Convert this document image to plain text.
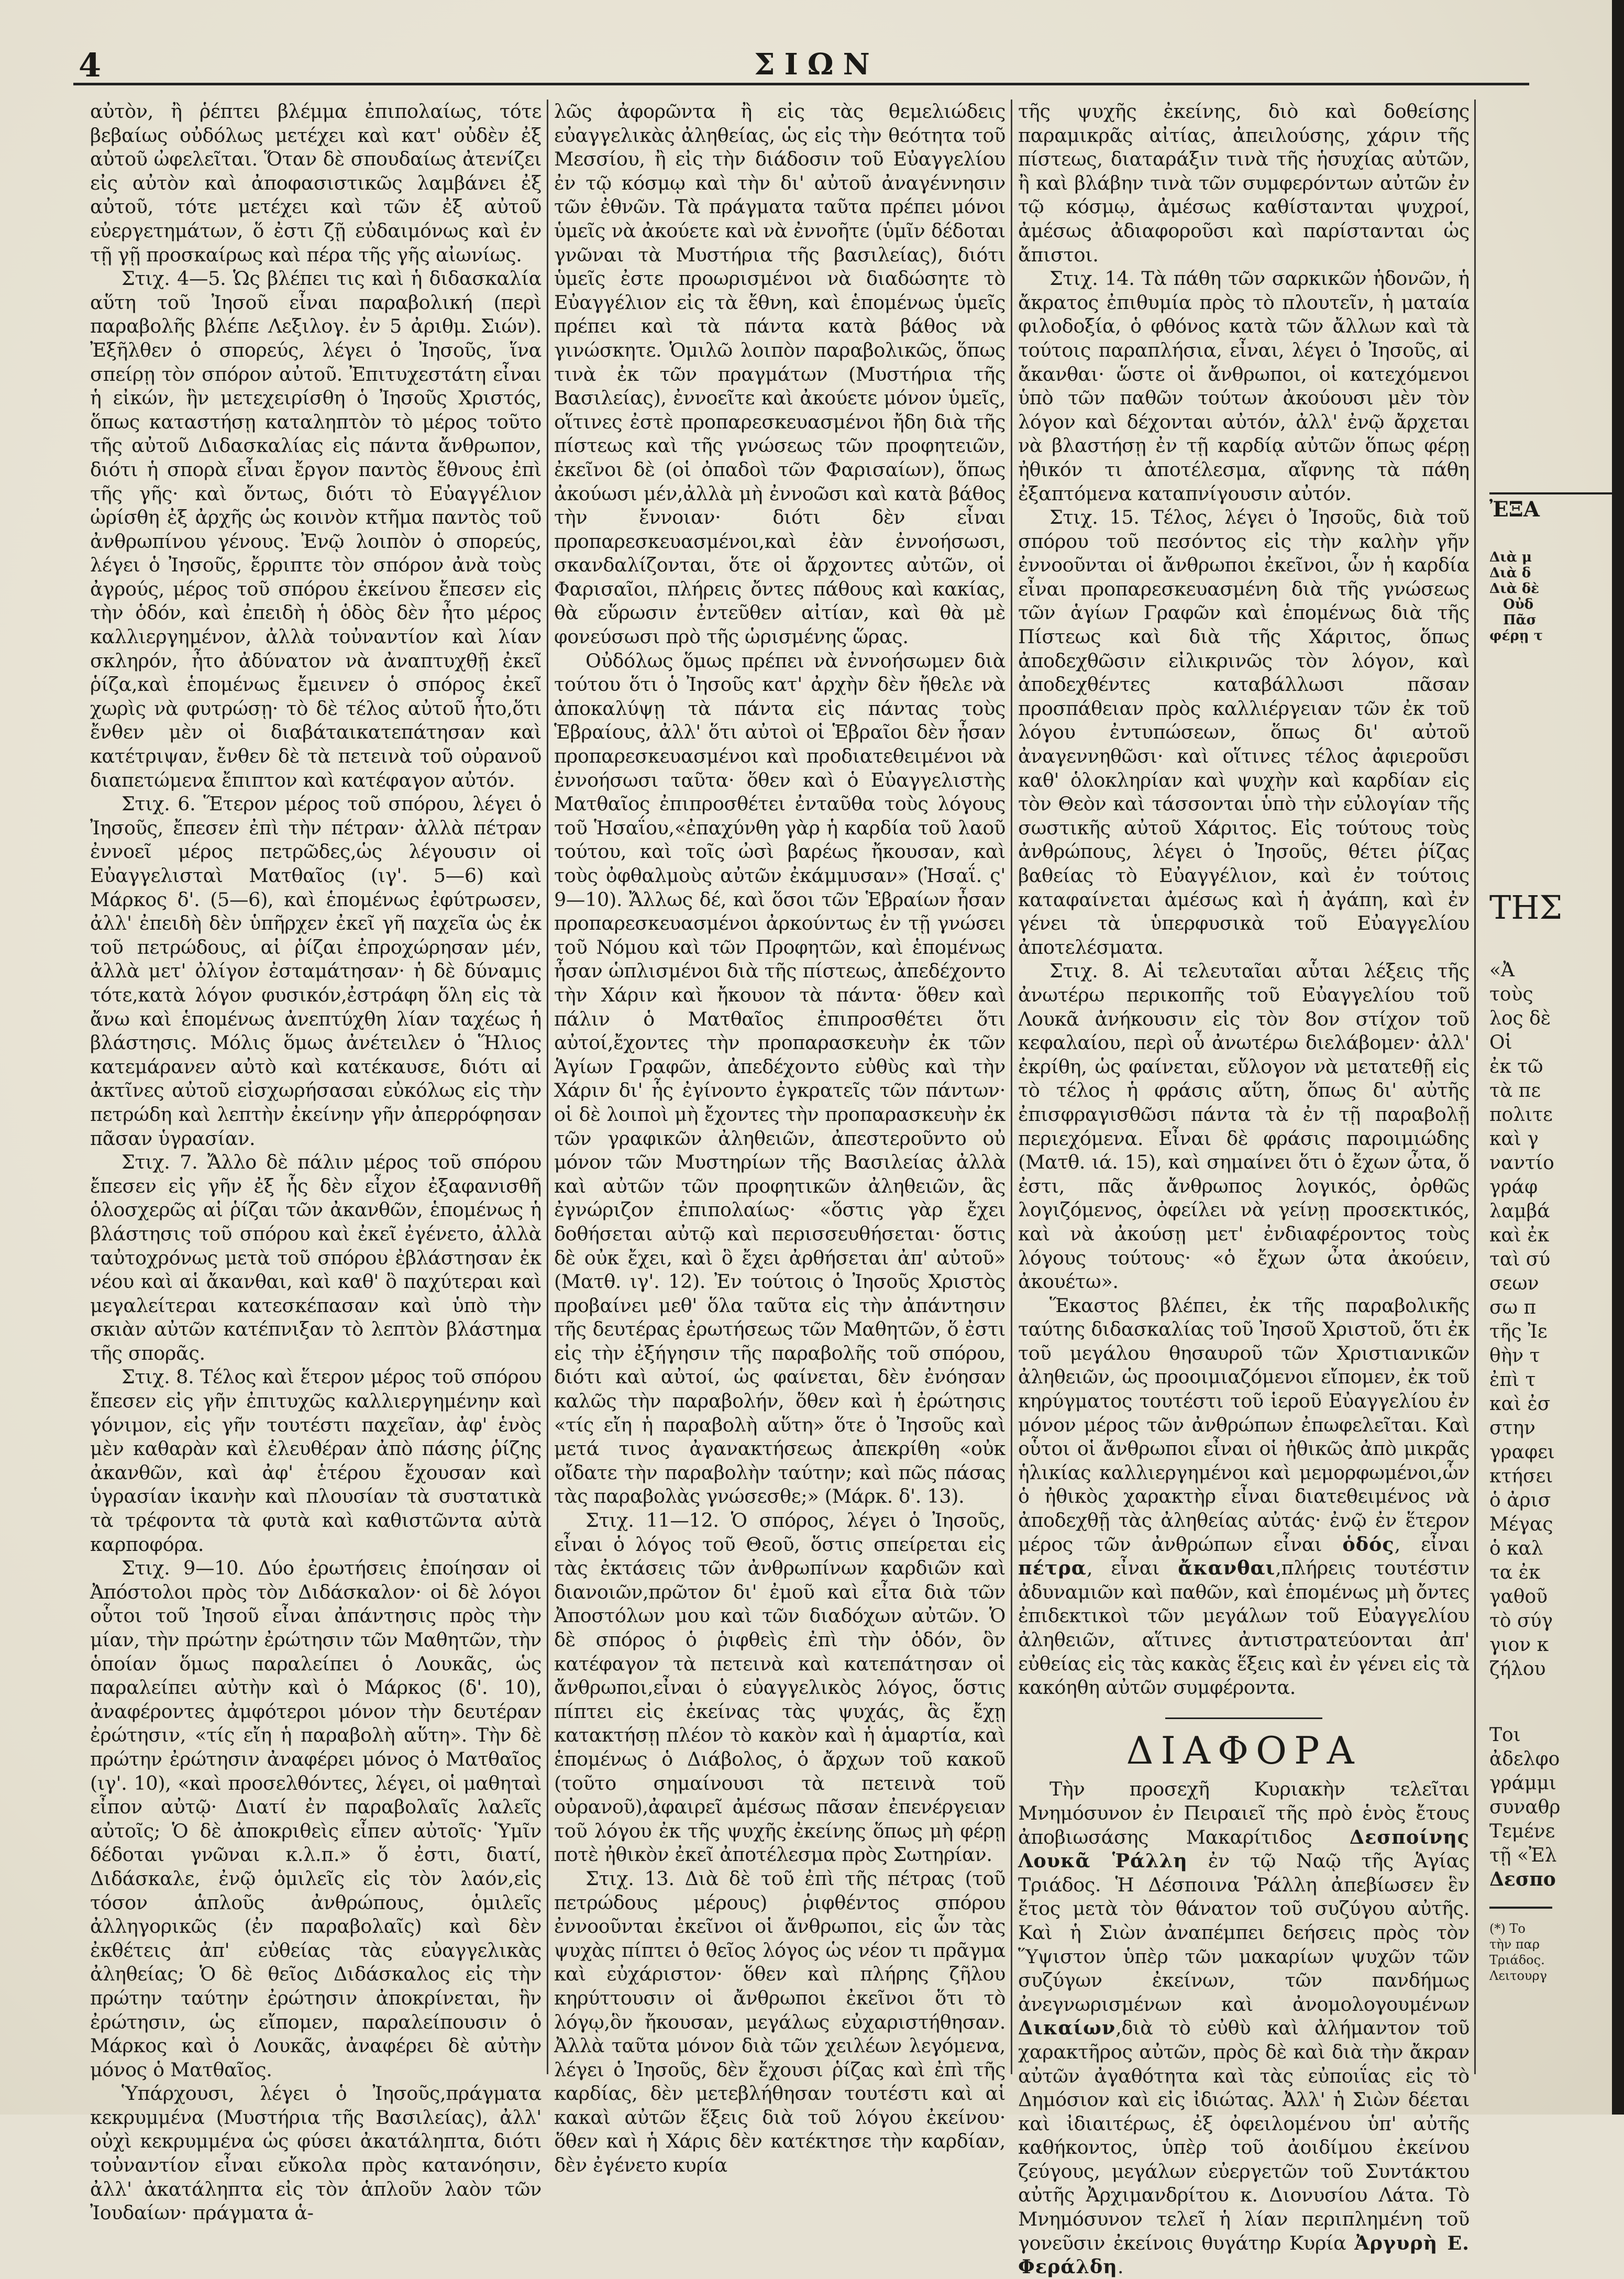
4	ΣΙΩΝ

αὐτὸν, ἢ ῥέπτει βλέμμα ἐπιπολαίως, τότε βεβαίως οὐδόλως μετέχει καὶ κατ' οὐδὲν ἐξ αὐτοῦ ὠφελεῖται. Ὅταν δὲ σπουδαίως ἀτενίζει εἰς αὐτὸν καὶ ἀποφασιστικῶς λαμβάνει ἐξ αὐτοῦ, τότε μετέχει καὶ τῶν ἐξ αὐτοῦ εὐεργετημάτων, ὅ ἐστι ζῇ εὐδαιμόνως καὶ ἐν τῇ γῇ προσκαίρως καὶ πέρα τῆς γῆς αἰωνίως.

Στιχ. 4—5. Ὡς βλέπει τις καὶ ἡ διδασκαλία αὕτη τοῦ Ἰησοῦ εἶναι παραβολική (περὶ παραβολῆς βλέπε Λεξιλογ. ἐν 5 ἀριθμ. Σιών). Ἐξῆλθεν ὁ σπορεύς, λέγει ὁ Ἰησοῦς, ἵνα σπείρῃ τὸν σπόρον αὐτοῦ. Ἐπιτυχεστάτη εἶναι ἡ εἰκών, ἣν μετεχειρίσθη ὁ Ἰησοῦς Χριστός, ὅπως καταστήσῃ καταληπτὸν τὸ μέρος τοῦτο τῆς αὐτοῦ Διδασκαλίας εἰς πάντα ἄνθρωπον, διότι ἡ σπορὰ εἶναι ἔργον παντὸς ἔθνους ἐπὶ τῆς γῆς· καὶ ὄντως, διότι τὸ Εὐαγγέλιον ὡρίσθη ἐξ ἀρχῆς ὡς κοινὸν κτῆμα παντὸς τοῦ ἀνθρωπίνου γένους. Ἐνῷ λοιπὸν ὁ σπορεύς, λέγει ὁ Ἰησοῦς, ἔρριπτε τὸν σπόρον ἀνὰ τοὺς ἀγρούς, μέρος τοῦ σπόρου ἐκείνου ἔπεσεν εἰς τὴν ὁδόν, καὶ ἐπειδὴ ἡ ὁδὸς δὲν ἦτο μέρος καλλιεργημένον, ἀλλὰ τοὐναντίον καὶ λίαν σκληρόν, ἦτο ἀδύνατον νὰ ἀναπτυχθῇ ἐκεῖ ῥίζα,καὶ ἑπομένως ἔμεινεν ὁ σπόρος ἐκεῖ χωρὶς νὰ φυτρώσῃ· τὸ δὲ τέλος αὐτοῦ ἦτο,ὅτι ἔνθεν μὲν οἱ διαβάταικατεπάτησαν καὶ κατέτριψαν, ἔνθεν δὲ τὰ πετεινὰ τοῦ οὐρανοῦ διαπετώμενα ἔπιπτον καὶ κατέφαγον αὐτόν.

Στιχ. 6. Ἕτερον μέρος τοῦ σπόρου, λέγει ὁ Ἰησοῦς, ἔπεσεν ἐπὶ τὴν πέτραν· ἀλλὰ πέτραν ἐννοεῖ μέρος πετρῶδες,ὡς λέγουσιν οἱ Εὐαγγελισταὶ Ματθαῖος (ιγ'. 5—6) καὶ Μάρκος δ'. (5—6), καὶ ἑπομένως ἐφύτρωσεν, ἀλλ' ἐπειδὴ δὲν ὑπῆρχεν ἐκεῖ γῆ παχεῖα ὡς ἐκ τοῦ πετρώδους, αἱ ῥίζαι ἐπροχώρησαν μέν, ἀλλὰ μετ' ὀλίγον ἐσταμάτησαν· ἡ δὲ δύναμις τότε,κατὰ λόγον φυσικόν,ἐστράφη ὅλη εἰς τὰ ἄνω καὶ ἑπομένως ἀνεπτύχθη λίαν ταχέως ἡ βλάστησις. Μόλις ὅμως ἀνέτειλεν ὁ Ἥλιος κατεμάρανεν αὐτὸ καὶ κατέκαυσε, διότι αἱ ἀκτῖνες αὐτοῦ εἰσχωρήσασαι εὐκόλως εἰς τὴν πετρώδη καὶ λεπτὴν ἐκείνην γῆν ἀπερρόφησαν πᾶσαν ὑγρασίαν.

Στιχ. 7. Ἄλλο δὲ πάλιν μέρος τοῦ σπόρου ἔπεσεν εἰς γῆν ἐξ ἧς δὲν εἶχον ἐξαφανισθῆ ὁλοσχερῶς αἱ ῥίζαι τῶν ἀκανθῶν, ἑπομένως ἡ βλάστησις τοῦ σπόρου καὶ ἐκεῖ ἐγένετο, ἀλλὰ ταὐτοχρόνως μετὰ τοῦ σπόρου ἐβλάστησαν ἐκ νέου καὶ αἱ ἄκανθαι, καὶ καθ' ὃ παχύτεραι καὶ μεγαλείτεραι κατεσκέπασαν καὶ ὑπὸ τὴν σκιὰν αὐτῶν κατέπνιξαν τὸ λεπτὸν βλάστημα τῆς σπορᾶς.

Στιχ. 8. Τέλος καὶ ἕτερον μέρος τοῦ σπόρου ἔπεσεν εἰς γῆν ἐπιτυχῶς καλλιεργημένην καὶ γόνιμον, εἰς γῆν τουτέστι παχεῖαν, ἀφ' ἑνὸς μὲν καθαρὰν καὶ ἐλευθέραν ἀπὸ πάσης ῥίζης ἀκανθῶν, καὶ ἀφ' ἑτέρου ἔχουσαν καὶ ὑγρασίαν ἱκανὴν καὶ πλουσίαν τὰ συστατικὰ τὰ τρέφοντα τὰ φυτὰ καὶ καθιστῶντα αὐτὰ καρποφόρα.

Στιχ. 9—10. Δύο ἐρωτήσεις ἐποίησαν οἱ Ἀπόστολοι πρὸς τὸν Διδάσκαλον· οἱ δὲ λόγοι οὗτοι τοῦ Ἰησοῦ εἶναι ἀπάντησις πρὸς τὴν μίαν, τὴν πρώτην ἐρώτησιν τῶν Μαθητῶν, τὴν ὁποίαν ὅμως παραλείπει ὁ Λουκᾶς, ὡς παραλείπει αὐτὴν καὶ ὁ Μάρκος (δ'. 10), ἀναφέροντες ἀμφότεροι μόνον τὴν δευτέραν ἐρώτησιν, «τίς εἴη ἡ παραβολὴ αὕτη». Τὴν δὲ πρώτην ἐρώτησιν ἀναφέρει μόνος ὁ Ματθαῖος (ιγ'. 10), «καὶ προσελθόντες, λέγει, οἱ μαθηταὶ εἶπον αὐτῷ· Διατί ἐν παραβολαῖς λαλεῖς αὐτοῖς; Ὁ δὲ ἀποκριθεὶς εἶπεν αὐτοῖς· Ὑμῖν δέδοται γνῶναι κ.λ.π.» ὅ ἐστι, διατί, Διδάσκαλε, ἐνῷ ὁμιλεῖς εἰς τὸν λαόν,εἰς τόσον ἁπλοῦς ἀνθρώπους, ὁμιλεῖς ἀλληγορικῶς (ἐν παραβολαῖς) καὶ δὲν ἐκθέτεις ἀπ' εὐθείας τὰς εὐαγγελικὰς ἀληθείας; Ὁ δὲ θεῖος Διδάσκαλος εἰς τὴν πρώτην ταύτην ἐρώτησιν ἀποκρίνεται, ἣν ἐρώτησιν, ὡς εἴπομεν, παραλείπουσιν ὁ Μάρκος καὶ ὁ Λουκᾶς, ἀναφέρει δὲ αὐτὴν μόνος ὁ Ματθαῖος.

Ὑπάρχουσι, λέγει ὁ Ἰησοῦς,πράγματα κεκρυμμένα (Μυστήρια τῆς Βασιλείας), ἀλλ' οὐχὶ κεκρυμμένα ὡς φύσει ἀκατάληπτα, διότι τοὐναντίον εἶναι εὔκολα πρὸς κατανόησιν, ἀλλ' ἀκατάληπτα εἰς τὸν ἁπλοῦν λαὸν τῶν Ἰουδαίων· πράγματα ἁ-

λῶς ἀφορῶντα ἢ εἰς τὰς θεμελιώδεις εὐαγγελικὰς ἀληθείας, ὡς εἰς τὴν θεότητα τοῦ Μεσσίου, ἢ εἰς τὴν διάδοσιν τοῦ Εὐαγγελίου ἐν τῷ κόσμῳ καὶ τὴν δι' αὐτοῦ ἀναγέννησιν τῶν ἐθνῶν. Τὰ πράγματα ταῦτα πρέπει μόνοι ὑμεῖς νὰ ἀκούετε καὶ νὰ ἐννοῆτε (ὑμῖν δέδοται γνῶναι τὰ Μυστήρια τῆς βασιλείας), διότι ὑμεῖς ἐστε προωρισμένοι νὰ διαδώσητε τὸ Εὐαγγέλιον εἰς τὰ ἔθνη, καὶ ἑπομένως ὑμεῖς πρέπει καὶ τὰ πάντα κατὰ βάθος νὰ γινώσκητε. Ὁμιλῶ λοιπὸν παραβολικῶς, ὅπως τινὰ ἐκ τῶν πραγμάτων (Μυστήρια τῆς Βασιλείας), ἐννοεῖτε καὶ ἀκούετε μόνον ὑμεῖς, οἵτινες ἐστὲ προπαρεσκευασμένοι ἤδη διὰ τῆς πίστεως καὶ τῆς γνώσεως τῶν προφητειῶν, ἐκεῖνοι δὲ (οἱ ὀπαδοὶ τῶν Φαρισαίων), ὅπως ἀκούωσι μέν,ἀλλὰ μὴ ἐννοῶσι καὶ κατὰ βάθος τὴν ἔννοιαν· διότι δὲν εἶναι προπαρεσκευασμένοι,καὶ ἐὰν ἐννοήσωσι, σκανδαλίζονται, ὅτε οἱ ἄρχοντες αὐτῶν, οἱ Φαρισαῖοι, πλήρεις ὄντες πάθους καὶ κακίας, θὰ εὕρωσιν ἐντεῦθεν αἰτίαν, καὶ θὰ μὲ φονεύσωσι πρὸ τῆς ὡρισμένης ὥρας.

Οὐδόλως ὅμως πρέπει νὰ ἐννοήσωμεν διὰ τούτου ὅτι ὁ Ἰησοῦς κατ' ἀρχὴν δὲν ἤθελε νὰ ἀποκαλύψῃ τὰ πάντα εἰς πάντας τοὺς Ἑβραίους, ἀλλ' ὅτι αὐτοὶ οἱ Ἑβραῖοι δὲν ἦσαν προπαρεσκευασμένοι καὶ προδιατεθειμένοι νὰ ἐννοήσωσι ταῦτα· ὅθεν καὶ ὁ Εὐαγγελιστὴς Ματθαῖος ἐπιπροσθέτει ἐνταῦθα τοὺς λόγους τοῦ Ἡσαΐου,«ἐπαχύνθη γὰρ ἡ καρδία τοῦ λαοῦ τούτου, καὶ τοῖς ὠσὶ βαρέως ἤκουσαν, καὶ τοὺς ὀφθαλμοὺς αὐτῶν ἐκάμμυσαν» (Ἡσαΐ. ς' 9—10). Ἄλλως δέ, καὶ ὅσοι τῶν Ἑβραίων ἦσαν προπαρεσκευασμένοι ἀρκούντως ἐν τῇ γνώσει τοῦ Νόμου καὶ τῶν Προφητῶν, καὶ ἑπομένως ἦσαν ὡπλισμένοι διὰ τῆς πίστεως, ἀπεδέχοντο τὴν Χάριν καὶ ἤκουον τὰ πάντα· ὅθεν καὶ πάλιν ὁ Ματθαῖος ἐπιπροσθέτει ὅτι αὐτοί,ἔχοντες τὴν προπαρασκευὴν ἐκ τῶν Ἁγίων Γραφῶν, ἀπεδέχοντο εὐθὺς καὶ τὴν Χάριν δι' ἧς ἐγίνοντο ἐγκρατεῖς τῶν πάντων· οἱ δὲ λοιποὶ μὴ ἔχοντες τὴν προπαρασκευὴν ἐκ τῶν γραφικῶν ἀληθειῶν, ἀπεστεροῦντο οὐ μόνον τῶν Μυστηρίων τῆς Βασιλείας ἀλλὰ καὶ αὐτῶν τῶν προφητικῶν ἀληθειῶν, ἃς ἐγνώριζον ἐπιπολαίως· «ὅστις γὰρ ἔχει δοθήσεται αὐτῷ καὶ περισσευθήσεται· ὅστις δὲ οὐκ ἔχει, καὶ ὃ ἔχει ἀρθήσεται ἀπ' αὐτοῦ» (Ματθ. ιγ'. 12). Ἐν τούτοις ὁ Ἰησοῦς Χριστὸς προβαίνει μεθ' ὅλα ταῦτα εἰς τὴν ἀπάντησιν τῆς δευτέρας ἐρωτήσεως τῶν Μαθητῶν, ὅ ἐστι εἰς τὴν ἐξήγησιν τῆς παραβολῆς τοῦ σπόρου, διότι καὶ αὐτοί, ὡς φαίνεται, δὲν ἐνόησαν καλῶς τὴν παραβολήν, ὅθεν καὶ ἡ ἐρώτησις «τίς εἴη ἡ παραβολὴ αὕτη» ὅτε ὁ Ἰησοῦς καὶ μετά τινος ἀγανακτήσεως ἀπεκρίθη «οὐκ οἴδατε τὴν παραβολὴν ταύτην; καὶ πῶς πάσας τὰς παραβολὰς γνώσεσθε;» (Μάρκ. δ'. 13).

Στιχ. 11—12. Ὁ σπόρος, λέγει ὁ Ἰησοῦς, εἶναι ὁ λόγος τοῦ Θεοῦ, ὅστις σπείρεται εἰς τὰς ἐκτάσεις τῶν ἀνθρωπίνων καρδιῶν καὶ διανοιῶν,πρῶτον δι' ἐμοῦ καὶ εἶτα διὰ τῶν Ἀποστόλων μου καὶ τῶν διαδόχων αὐτῶν. Ὁ δὲ σπόρος ὁ ῥιφθεὶς ἐπὶ τὴν ὁδόν, ὃν κατέφαγον τὰ πετεινὰ καὶ κατεπάτησαν οἱ ἄνθρωποι,εἶναι ὁ εὐαγγελικὸς λόγος, ὅστις πίπτει εἰς ἐκείνας τὰς ψυχάς, ἃς ἔχῃ κατακτήσῃ πλέον τὸ κακὸν καὶ ἡ ἁμαρτία, καὶ ἑπομένως ὁ Διάβολος, ὁ ἄρχων τοῦ κακοῦ (τοῦτο σημαίνουσι τὰ πετεινὰ τοῦ οὐρανοῦ),ἀφαιρεῖ ἀμέσως πᾶσαν ἐπενέργειαν τοῦ λόγου ἐκ τῆς ψυχῆς ἐκείνης ὅπως μὴ φέρῃ ποτὲ ἠθικὸν ἐκεῖ ἀποτέλεσμα πρὸς Σωτηρίαν.

Στιχ. 13. Διὰ δὲ τοῦ ἐπὶ τῆς πέτρας (τοῦ πετρώδους μέρους) ῥιφθέντος σπόρου ἐννοοῦνται ἐκεῖνοι οἱ ἄνθρωποι, εἰς ὧν τὰς ψυχὰς πίπτει ὁ θεῖος λόγος ὡς νέον τι πρᾶγμα καὶ εὐχάριστον· ὅθεν καὶ πλήρης ζῆλου κηρύττουσιν οἱ ἄνθρωποι ἐκεῖνοι ὅτι τὸ λόγῳ,ὃν ἤκουσαν, μεγάλως εὐχαριστήθησαν. Ἀλλὰ ταῦτα μόνον διὰ τῶν χειλέων λεγόμενα, λέγει ὁ Ἰησοῦς, δὲν ἔχουσι ῥίζας καὶ ἐπὶ τῆς καρδίας, δὲν μετεβλήθησαν τουτέστι καὶ αἱ κακαὶ αὐτῶν ἕξεις διὰ τοῦ λόγου ἐκείνου· ὅθεν καὶ ἡ Χάρις δὲν κατέκτησε τὴν καρδίαν, δὲν ἐγένετο κυρία

τῆς ψυχῆς ἐκείνης, διὸ καὶ δοθείσης παραμικρᾶς αἰτίας, ἀπειλούσης, χάριν τῆς πίστεως, διαταράξιν τινὰ τῆς ἡσυχίας αὐτῶν, ἢ καὶ βλάβην τινὰ τῶν συμφερόντων αὐτῶν ἐν τῷ κόσμῳ, ἀμέσως καθίστανται ψυχροί, ἀμέσως ἀδιαφοροῦσι καὶ παρίστανται ὡς ἄπιστοι.

Στιχ. 14. Τὰ πάθη τῶν σαρκικῶν ἡδονῶν, ἡ ἄκρατος ἐπιθυμία πρὸς τὸ πλουτεῖν, ἡ ματαία φιλοδοξία, ὁ φθόνος κατὰ τῶν ἄλλων καὶ τὰ τούτοις παραπλήσια, εἶναι, λέγει ὁ Ἰησοῦς, αἱ ἄκανθαι· ὥστε οἱ ἄνθρωποι, οἱ κατεχόμενοι ὑπὸ τῶν παθῶν τούτων ἀκούουσι μὲν τὸν λόγον καὶ δέχονται αὐτόν, ἀλλ' ἐνῷ ἄρχεται νὰ βλαστήσῃ ἐν τῇ καρδίᾳ αὐτῶν ὅπως φέρῃ ἠθικόν τι ἀποτέλεσμα, αἴφνης τὰ πάθη ἐξαπτόμενα καταπνίγουσιν αὐτόν.

Στιχ. 15. Τέλος, λέγει ὁ Ἰησοῦς, διὰ τοῦ σπόρου τοῦ πεσόντος εἰς τὴν καλὴν γῆν ἐννοοῦνται οἱ ἄνθρωποι ἐκεῖνοι, ὧν ἡ καρδία εἶναι προπαρεσκευασμένη διὰ τῆς γνώσεως τῶν ἁγίων Γραφῶν καὶ ἑπομένως διὰ τῆς Πίστεως καὶ διὰ τῆς Χάριτος, ὅπως ἀποδεχθῶσιν εἰλικρινῶς τὸν λόγον, καὶ ἀποδεχθέντες καταβάλλωσι πᾶσαν προσπάθειαν πρὸς καλλιέργειαν τῶν ἐκ τοῦ λόγου ἐντυπώσεων, ὅπως δι' αὐτοῦ ἀναγεννηθῶσι· καὶ οἵτινες τέλος ἀφιεροῦσι καθ' ὁλοκληρίαν καὶ ψυχὴν καὶ καρδίαν εἰς τὸν Θεὸν καὶ τάσσονται ὑπὸ τὴν εὐλογίαν τῆς σωστικῆς αὐτοῦ Χάριτος. Εἰς τούτους τοὺς ἀνθρώπους, λέγει ὁ Ἰησοῦς, θέτει ῥίζας βαθείας τὸ Εὐαγγέλιον, καὶ ἐν τούτοις καταφαίνεται ἀμέσως καὶ ἡ ἀγάπη, καὶ ἐν γένει τὰ ὑπερφυσικὰ τοῦ Εὐαγγελίου ἀποτελέσματα.

Στιχ. 8. Αἱ τελευταῖαι αὗται λέξεις τῆς ἀνωτέρω περικοπῆς τοῦ Εὐαγγελίου τοῦ Λουκᾶ ἀνήκουσιν εἰς τὸν 8ον στίχον τοῦ κεφαλαίου, περὶ οὗ ἀνωτέρω διελάβομεν· ἀλλ' ἐκρίθη, ὡς φαίνεται, εὔλογον νὰ μετατεθῇ εἰς τὸ τέλος ἡ φράσις αὕτη, ὅπως δι' αὐτῆς ἐπισφραγισθῶσι πάντα τὰ ἐν τῇ παραβολῇ περιεχόμενα. Εἶναι δὲ φράσις παροιμιώδης (Ματθ. ιά. 15), καὶ σημαίνει ὅτι ὁ ἔχων ὦτα, ὅ ἐστι, πᾶς ἄνθρωπος λογικός, ὀρθῶς λογιζόμενος, ὀφείλει νὰ γείνῃ προσεκτικός, καὶ νὰ ἀκούσῃ μετ' ἐνδιαφέροντος τοὺς λόγους τούτους· «ὁ ἔχων ὦτα ἀκούειν, ἀκουέτω».

Ἕκαστος βλέπει, ἐκ τῆς παραβολικῆς ταύτης διδασκαλίας τοῦ Ἰησοῦ Χριστοῦ, ὅτι ἐκ τοῦ μεγάλου θησαυροῦ τῶν Χριστιανικῶν ἀληθειῶν, ὡς προοιμιαζόμενοι εἴπομεν, ἐκ τοῦ κηρύγματος τουτέστι τοῦ ἱεροῦ Εὐαγγελίου ἐν μόνον μέρος τῶν ἀνθρώπων ἐπωφελεῖται. Καὶ οὗτοι οἱ ἄνθρωποι εἶναι οἱ ἠθικῶς ἀπὸ μικρᾶς ἡλικίας καλλιεργημένοι καὶ μεμορφωμένοι,ὧν ὁ ἠθικὸς χαρακτὴρ εἶναι διατεθειμένος νὰ ἀποδεχθῇ τὰς ἀληθείας αὐτάς· ἐνῷ ἐν ἕτερον μέρος τῶν ἀνθρώπων εἶναι ὁδός, εἶναι πέτρα, εἶναι ἄκανθαι,πλήρεις τουτέστιν ἀδυναμιῶν καὶ παθῶν, καὶ ἑπομένως μὴ ὄντες ἐπιδεκτικοὶ τῶν μεγάλων τοῦ Εὐαγγελίου ἀληθειῶν, αἵτινες ἀντιστρατεύονται ἀπ' εὐθείας εἰς τὰς κακὰς ἕξεις καὶ ἐν γένει εἰς τὰ κακόηθη αὐτῶν συμφέροντα.

ΔΙΑΦΟΡΑ

Τὴν προσεχῆ Κυριακὴν τελεῖται Μνημόσυνον ἐν Πειραιεῖ τῆς πρὸ ἑνὸς ἔτους ἀποβιωσάσης Μακαρίτιδος Δεσποίνης Λουκᾶ Ῥάλλη ἐν τῷ Ναῷ τῆς Ἁγίας Τριάδος. Ἡ Δέσποινα Ῥάλλη ἀπεβίωσεν ἓν ἔτος μετὰ τὸν θάνατον τοῦ συζύγου αὐτῆς. Καὶ ἡ Σιὼν ἀναπέμπει δεήσεις πρὸς τὸν Ὕψιστον ὑπὲρ τῶν μακαρίων ψυχῶν τῶν συζύγων ἐκείνων, τῶν πανδήμως ἀνεγνωρισμένων καὶ ἀνομολογουμένων Δικαίων,διὰ τὸ εὐθὺ καὶ ἀλήμαντον τοῦ χαρακτῆρος αὐτῶν, πρὸς δὲ καὶ διὰ τὴν ἄκραν αὐτῶν ἀγαθότητα καὶ τὰς εὐποιΐας εἰς τὸ Δημόσιον καὶ εἰς ἰδιώτας. Ἀλλ' ἡ Σιὼν δέεται καὶ ἰδιαιτέρως, ἐξ ὀφειλομένου ὑπ' αὐτῆς καθήκοντος, ὑπὲρ τοῦ ἀοιδίμου ἐκείνου ζεύγους, μεγάλων εὐεργετῶν τοῦ Συντάκτου αὐτῆς Ἀρχιμανδρίτου κ. Διονυσίου Λάτα. Τὸ Μνημόσυνον τελεῖ ἡ λίαν περιπλημένη τοῦ γονεῦσιν ἐκείνοις θυγάτηρ Κυρία Ἀργυρὴ Ε. Φεράλδη.

ἘΞΑ
Διὰ μ
Διὰ δ
Διὰ δὲ
Οὐδ
Πᾶσ
φέρῃ τ
ΤΗΣ
«Ἀ
τοὺς
λος δὲ
Οἱ
ἐκ τῶ
τὰ πε
πολιτε
καὶ γ
ναντίο
γράφ
λαμβά
καὶ ἐκ
ταὶ σύ
σεων
σω π
τῆς Ἰε
θὴν τ
ἐπὶ τ
καὶ ἐσ
στην
γραφει
κτήσει
ὁ ἀρισ
Μέγας
ὁ καλ
τα ἐκ
γαθοῦ
τὸ σύγ
γιον κ
ζήλου
Τοι
ἀδελφο
γράμμι
συναθρ
Τεμένε
τῇ «Ἐλ
Δεσπο
(*) Το
τὴν παρ
Τριάδος.
Λειτουργ
